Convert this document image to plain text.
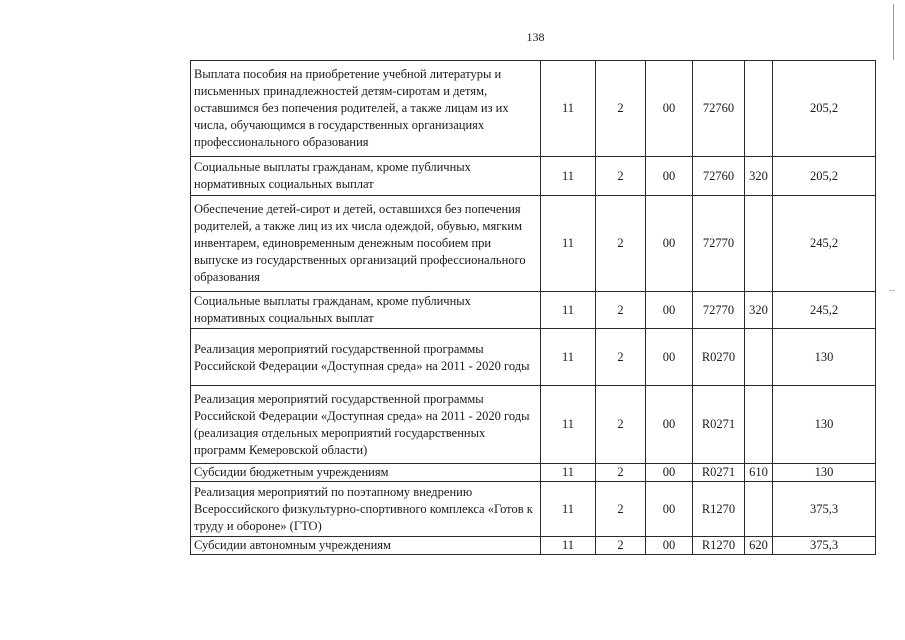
138
Выплата пособия на приобретение учебной литературы и письменных принадлежностей детям-сиротам и детям, оставшимся без попечения родителей, а также лицам из их числа, обучающимся в государственных организациях профессионального образования	11	2	00	72760		205,2
Социальные выплаты гражданам, кроме публичных нормативных социальных выплат	11	2	00	72760	320	205,2
Обеспечение детей-сирот и детей, оставшихся без попечения родителей, а также лиц из их числа одеждой, обувью, мягким инвентарем, единовременным денежным пособием при выпуске из государственных организаций профессионального образования	11	2	00	72770		245,2
Социальные выплаты гражданам, кроме публичных нормативных социальных выплат	11	2	00	72770	320	245,2
Реализация мероприятий государственной программы Российской Федерации «Доступная среда» на 2011 - 2020 годы	11	2	00	R0270		130
Реализация мероприятий государственной программы Российской Федерации «Доступная среда» на 2011 - 2020 годы (реализация отдельных мероприятий государственных программ Кемеровской области)	11	2	00	R0271		130
Субсидии бюджетным учреждениям	11	2	00	R0271	610	130
Реализация мероприятий по поэтапному внедрению Всероссийского физкультурно-спортивного комплекса «Готов к труду и обороне» (ГТО)	11	2	00	R1270		375,3
Субсидии автономным учреждениям	11	2	00	R1270	620	375,3
